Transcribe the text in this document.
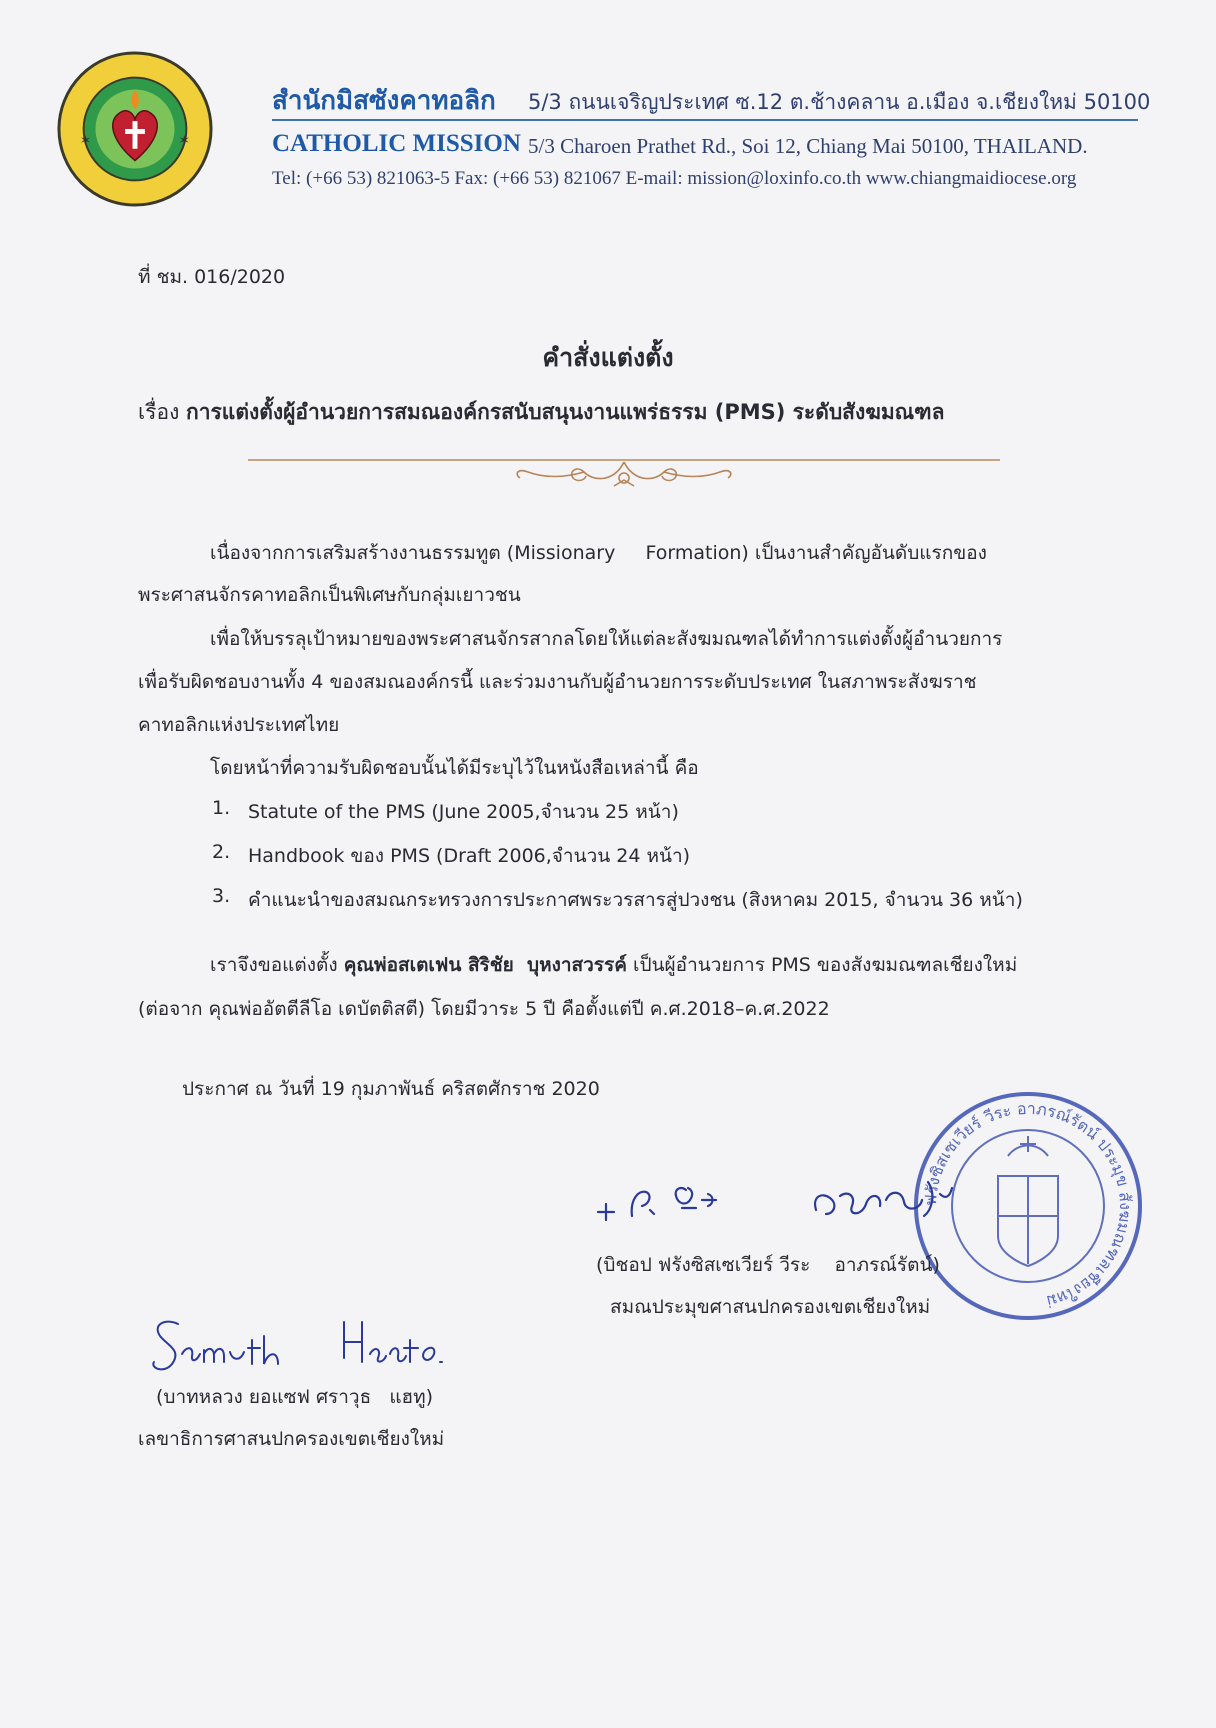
✶	✶
สำนักมิสซังคาทอลิก 5/3 ถนนเจริญประเทศ ซ.12 ต.ช้างคลาน อ.เมือง จ.เชียงใหม่ 50100
CATHOLIC MISSION 5/3 Charoen Prathet Rd., Soi 12, Chiang Mai 50100, THAILAND.
Tel: (+66 53) 821063-5 Fax: (+66 53) 821067 E-mail: mission@loxinfo.co.th www.chiangmaidiocese.org
ที่ ชม. 016/2020
คำสั่งแต่งตั้ง
เรื่อง การแต่งตั้งผู้อำนวยการสมณองค์กรสนับสนุนงานแพร่ธรรม (PMS) ระดับสังฆมณฑล
เนื่องจากการเสริมสร้างงานธรรมทูต (Missionary     Formation) เป็นงานสำคัญอันดับแรกของ
พระศาสนจักรคาทอลิกเป็นพิเศษกับกลุ่มเยาวชน
เพื่อให้บรรลุเป้าหมายของพระศาสนจักรสากลโดยให้แต่ละสังฆมณฑลได้ทำการแต่งตั้งผู้อำนวยการ
เพื่อรับผิดชอบงานทั้ง 4 ของสมณองค์กรนี้ และร่วมงานกับผู้อำนวยการระดับประเทศ ในสภาพระสังฆราช
คาทอลิกแห่งประเทศไทย
โดยหน้าที่ความรับผิดชอบนั้นได้มีระบุไว้ในหนังสือเหล่านี้ คือ
1. Statute of the PMS (June 2005,จำนวน 25 หน้า)
2. Handbook ของ PMS (Draft 2006,จำนวน 24 หน้า)
3. คำแนะนำของสมณกระทรวงการประกาศพระวรสารสู่ปวงชน (สิงหาคม 2015, จำนวน 36 หน้า)
เราจึงขอแต่งตั้ง คุณพ่อสเตเฟน สิริชัย  บุหงาสวรรค์ เป็นผู้อำนวยการ PMS ของสังฆมณฑลเชียงใหม่
(ต่อจาก คุณพ่ออัตตีลีโอ เดบัตติสตี) โดยมีวาระ 5 ปี คือตั้งแต่ปี ค.ศ.2018–ค.ศ.2022
ประกาศ ณ วันที่ 19 กุมภาพันธ์ คริสตศักราช 2020
ฟรังซิสเซเวียร์ วีระ อาภรณ์รัตน์ ประมุข สังฆมณฑลเชียงใหม่
(บิชอป ฟรังซิสเซเวียร์ วีระ    อาภรณ์รัตน์)
สมณประมุขศาสนปกครองเขตเชียงใหม่
(บาทหลวง ยอแซฟ ศราวุธ   แฮทู)
เลขาธิการศาสนปกครองเขตเชียงใหม่
